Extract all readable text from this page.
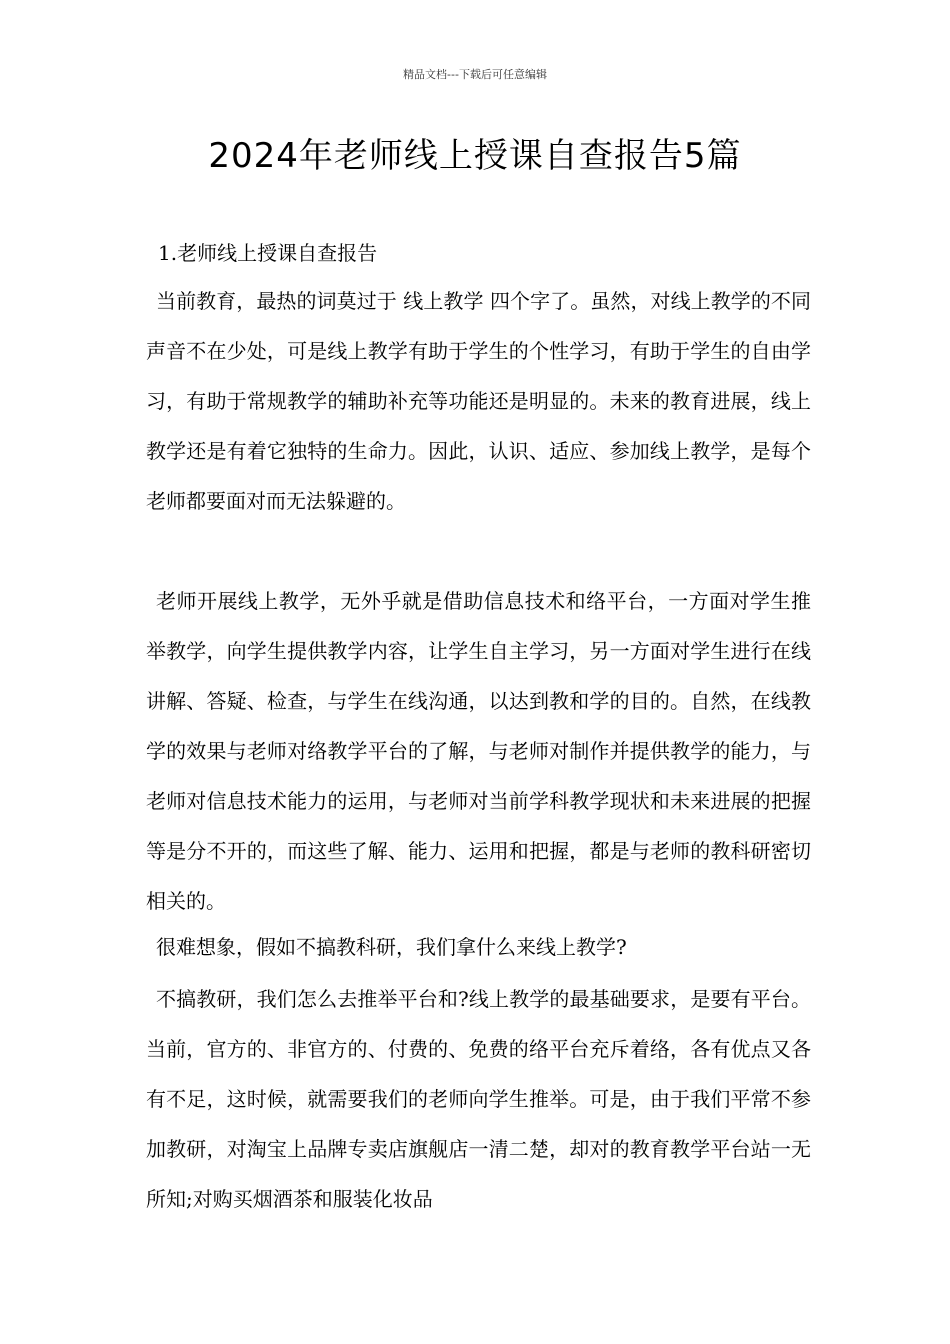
精品文档---下载后可任意编辑
2024年老师线上授课自查报告5篇
1.老师线上授课自查报告

当前教育，最热的词莫过于 线上教学 四个字了。虽然，对线上教学的不同声音不在少处，可是线上教学有助于学生的个性学习，有助于学生的自由学习，有助于常规教学的辅助补充等功能还是明显的。未来的教育进展，线上教学还是有着它独特的生命力。因此，认识、适应、参加线上教学，是每个老师都要面对而无法躲避的。

老师开展线上教学，无外乎就是借助信息技术和络平台，一方面对学生推举教学，向学生提供教学内容，让学生自主学习，另一方面对学生进行在线讲解、答疑、检查，与学生在线沟通，以达到教和学的目的。自然，在线教学的效果与老师对络教学平台的了解，与老师对制作并提供教学的能力，与老师对信息技术能力的运用，与老师对当前学科教学现状和未来进展的把握等是分不开的，而这些了解、能力、运用和把握，都是与老师的教科研密切相关的。

很难想象，假如不搞教科研，我们拿什么来线上教学?

不搞教研，我们怎么去推举平台和?线上教学的最基础要求，是要有平台。当前，官方的、非官方的、付费的、免费的络平台充斥着络，各有优点又各有不足，这时候，就需要我们的老师向学生推举。可是，由于我们平常不参加教研，对淘宝上品牌专卖店旗舰店一清二楚，却对的教育教学平台站一无所知;对购买烟酒茶和服装化妆品
